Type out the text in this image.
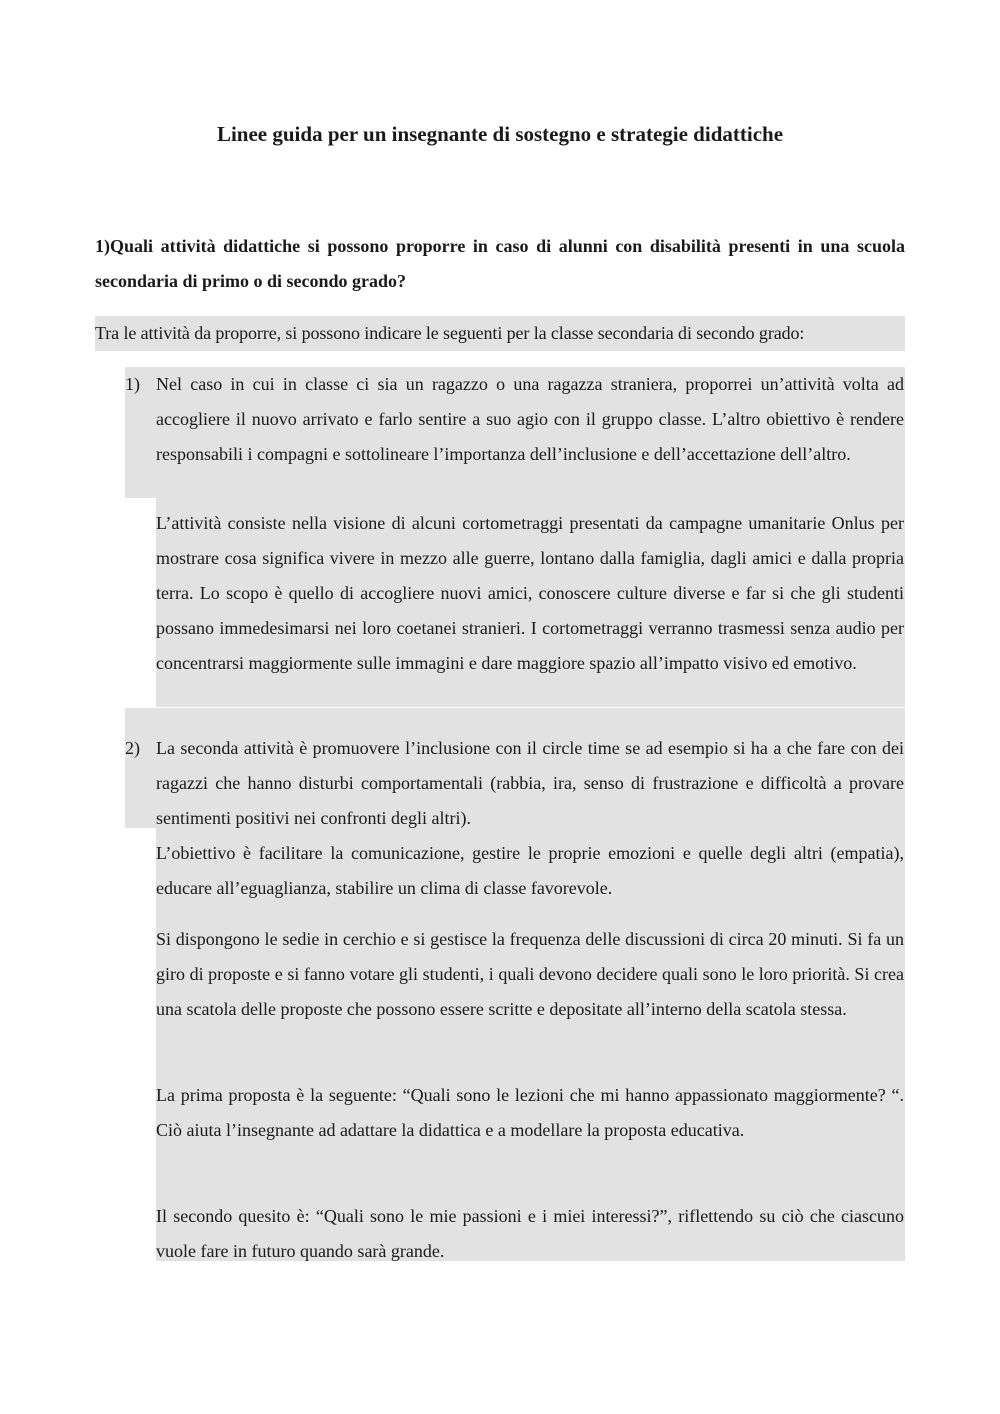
Linee guida per un insegnante di sostegno e strategie didattiche

1)Quali attività didattiche si possono proporre in caso di alunni con disabilità presenti in una scuola secondaria di primo o di secondo grado?

Tra le attività da proporre, si possono indicare le seguenti per la classe secondaria di secondo grado:

1) Nel caso in cui in classe ci sia un ragazzo o una ragazza straniera, proporrei un’attività volta ad accogliere il nuovo arrivato e farlo sentire a suo agio con il gruppo classe. L’altro obiettivo è rendere responsabili i compagni e sottolineare l’importanza dell’inclusione e dell’accettazione dell’altro.

L’attività consiste nella visione di alcuni cortometraggi presentati da campagne umanitarie Onlus per mostrare cosa significa vivere in mezzo alle guerre, lontano dalla famiglia, dagli amici e dalla propria terra. Lo scopo è quello di accogliere nuovi amici, conoscere culture diverse e far si che gli studenti possano immedesimarsi nei loro coetanei stranieri. I cortometraggi verranno trasmessi senza audio per concentrarsi maggiormente sulle immagini e dare maggiore spazio all’impatto visivo ed emotivo.

2) La seconda attività è promuovere l’inclusione con il circle time se ad esempio si ha a che fare con dei ragazzi che hanno disturbi comportamentali (rabbia, ira, senso di frustrazione e difficoltà a provare sentimenti positivi nei confronti degli altri).

L’obiettivo è facilitare la comunicazione, gestire le proprie emozioni e quelle degli altri (empatia), educare all’eguaglianza, stabilire un clima di classe favorevole.

Si dispongono le sedie in cerchio e si gestisce la frequenza delle discussioni di circa 20 minuti. Si fa un giro di proposte e si fanno votare gli studenti, i quali devono decidere quali sono le loro priorità. Si crea una scatola delle proposte che possono essere scritte e depositate all’interno della scatola stessa.

La prima proposta è la seguente: “Quali sono le lezioni che mi hanno appassionato maggiormente? “. Ciò aiuta l’insegnante ad adattare la didattica e a modellare la proposta educativa.

Il secondo quesito è: “Quali sono le mie passioni e i miei interessi?”, riflettendo su ciò che ciascuno vuole fare in futuro quando sarà grande.
